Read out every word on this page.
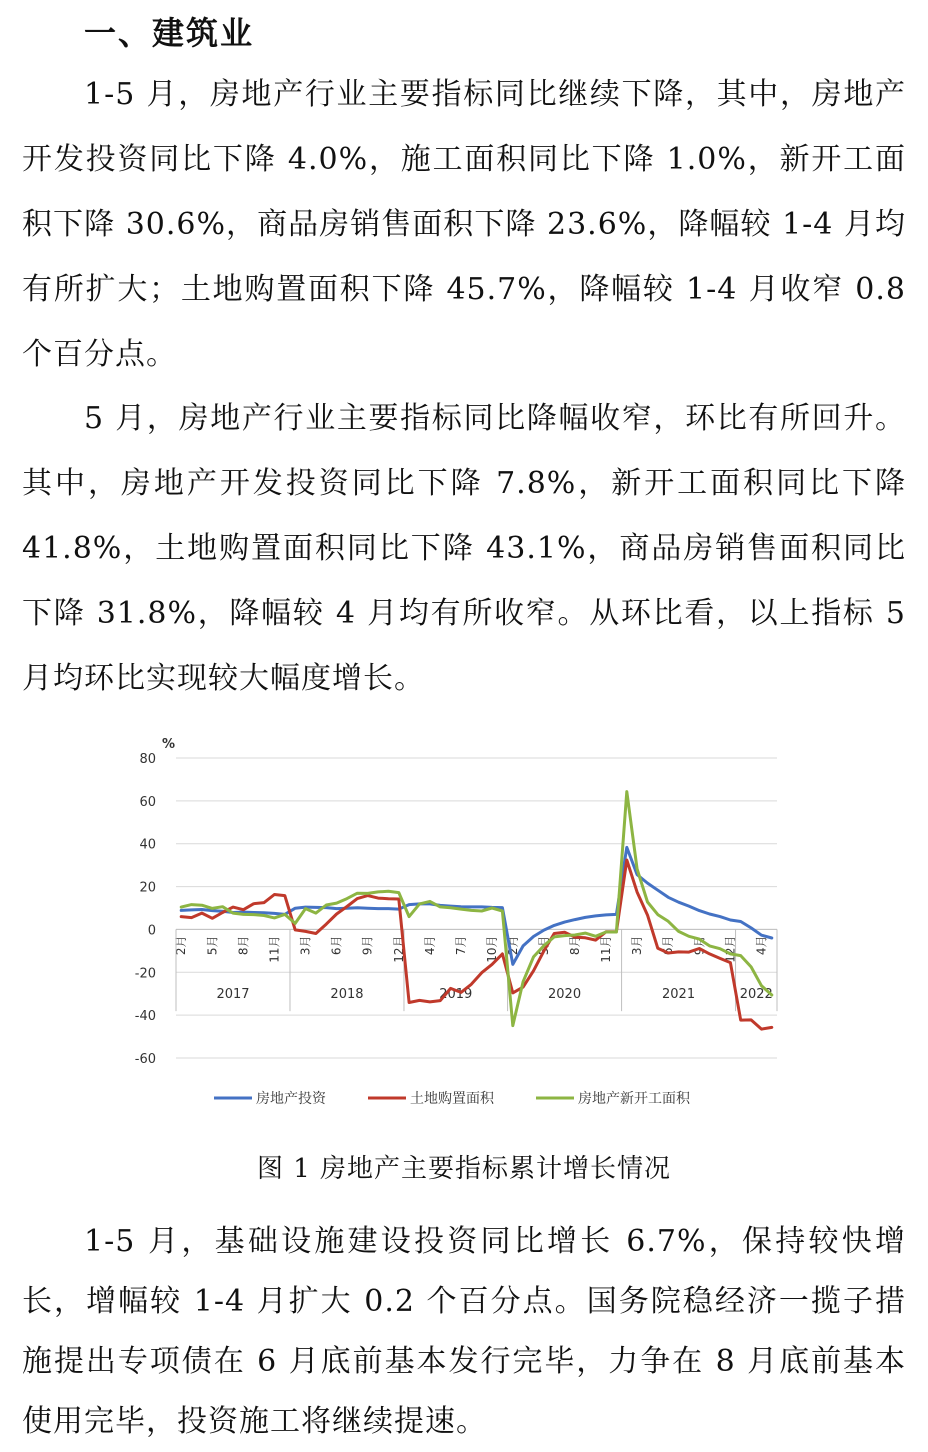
一、建筑业

1-5 月，房地产行业主要指标同比继续下降，其中，房地产开发投资同比下降 4.0%，施工面积同比下降 1.0%，新开工面积下降 30.6%，商品房销售面积下降 23.6%，降幅较 1-4 月均有所扩大；土地购置面积下降 45.7%，降幅较 1-4 月收窄 0.8 个百分点。

5 月，房地产行业主要指标同比降幅收窄，环比有所回升。其中，房地产开发投资同比下降 7.8%，新开工面积同比下降 41.8%，土地购置面积同比下降 43.1%，商品房销售面积同比下降 31.8%，降幅较 4 月均有所收窄。从环比看，以上指标 5 月均环比实现较大幅度增长。

80
60
40
20
0
-20
-40
-60
2月 5月 8月 11月 3月 6月 9月 12月 4月 7月 10月 2月 5月 8月 11月 3月 6月 9月 12月 4月
2017	2018	2019	2020	2021	2022
房地产投资	土地购置面积	房地产新开工面积
%
图 1 房地产主要指标累计增长情况

1-5 月，基础设施建设投资同比增长 6.7%，保持较快增长，增幅较 1-4 月扩大 0.2 个百分点。国务院稳经济一揽子措施提出专项债在 6 月底前基本发行完毕，力争在 8 月底前基本使用完毕，投资施工将继续提速。
